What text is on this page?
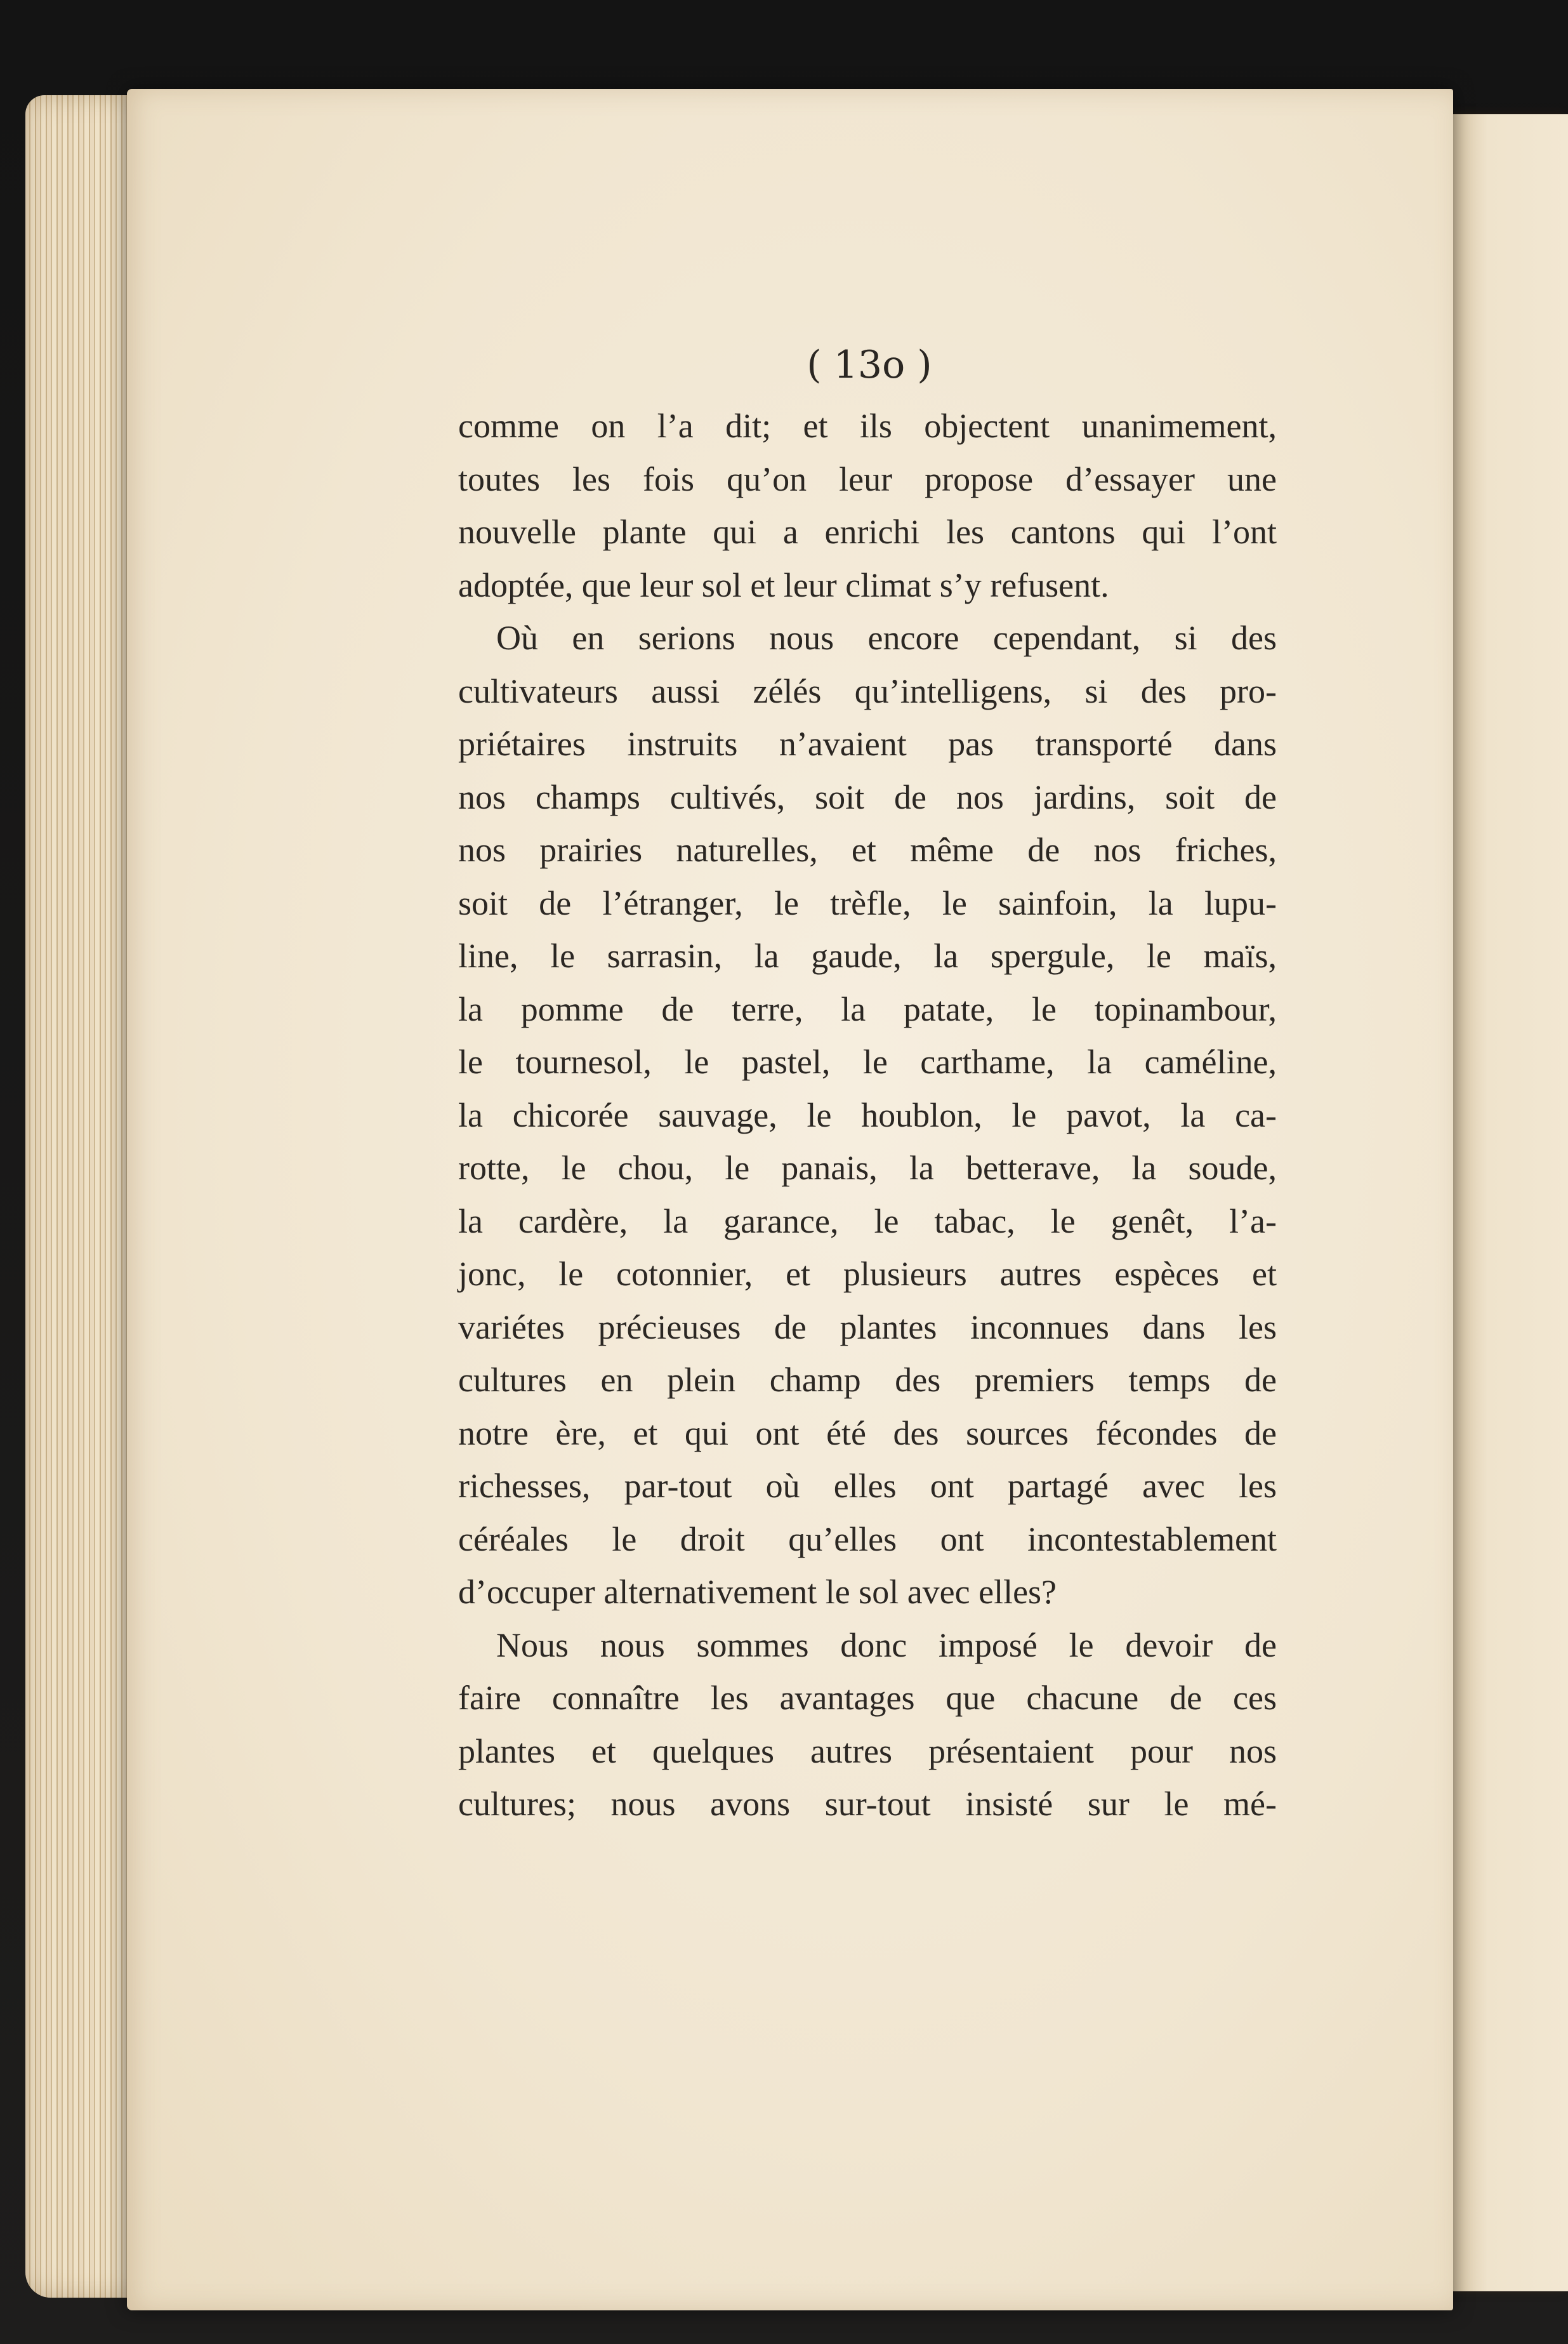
( 13o )
comme on l’a dit; et ils objectent unanimement,
toutes les fois qu’on leur propose d’essayer une
nouvelle plante qui a enrichi les cantons qui l’ont
adoptée, que leur sol et leur climat s’y refusent.
Où en serions nous encore cependant, si des
cultivateurs aussi zélés qu’intelligens, si des pro-
priétaires instruits n’avaient pas transporté dans
nos champs cultivés, soit de nos jardins, soit de
nos prairies naturelles, et même de nos friches,
soit de l’étranger, le trèfle, le sainfoin, la lupu-
line, le sarrasin, la gaude, la spergule, le maïs,
la pomme de terre, la patate, le topinambour,
le tournesol, le pastel, le carthame, la caméline,
la chicorée sauvage, le houblon, le pavot, la ca-
rotte, le chou, le panais, la betterave, la soude,
la cardère, la garance, le tabac, le genêt, l’a-
jonc, le cotonnier, et plusieurs autres espèces et
variétes précieuses de plantes inconnues dans les
cultures en plein champ des premiers temps de
notre ère, et qui ont été des sources fécondes de
richesses, par-tout où elles ont partagé avec les
céréales le droit qu’elles ont incontestablement
d’occuper alternativement le sol avec elles?
Nous nous sommes donc imposé le devoir de
faire connaître les avantages que chacune de ces
plantes et quelques autres présentaient pour nos
cultures; nous avons sur-tout insisté sur le mé-
